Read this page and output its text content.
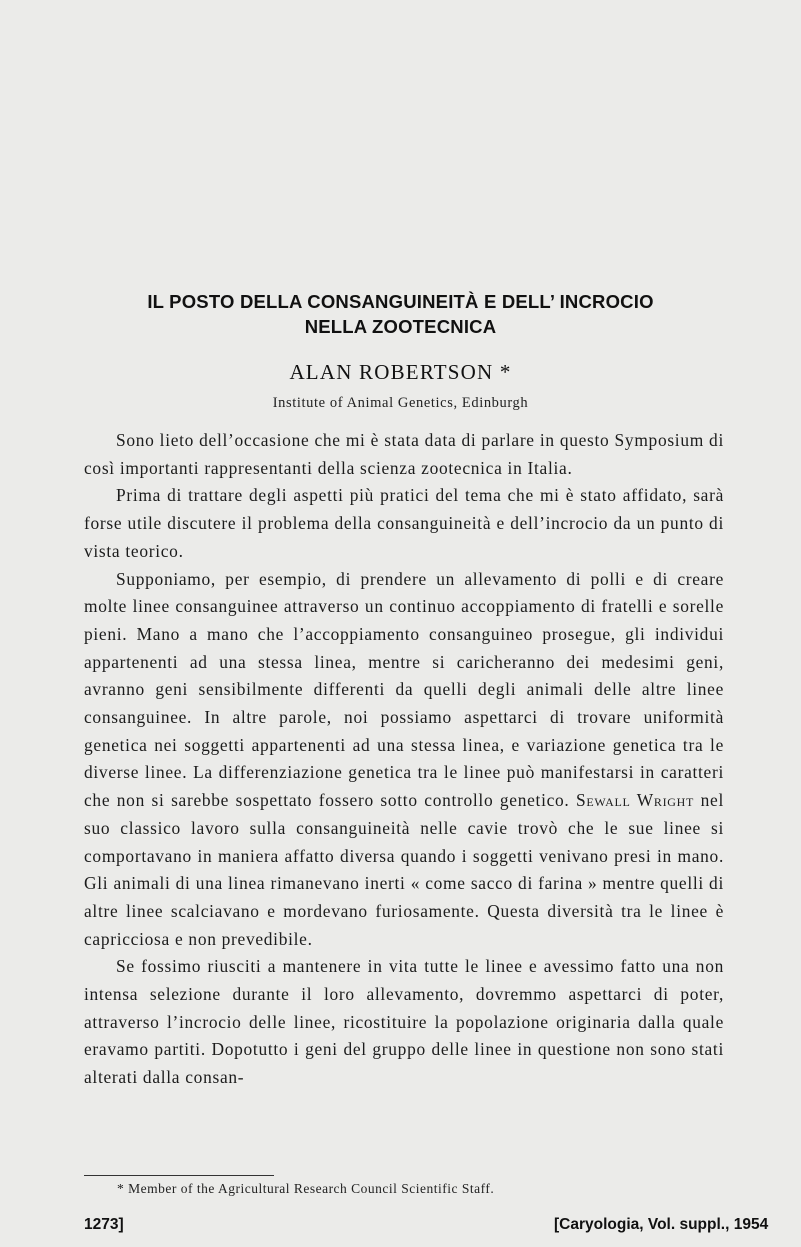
IL POSTO DELLA CONSANGUINEITÀ E DELL’ INCROCIO
NELLA ZOOTECNICA
ALAN ROBERTSON *
Institute of Animal Genetics, Edinburgh

Sono lieto dell’occasione che mi è stata data di parlare in questo Symposium di così importanti rappresentanti della scienza zootecnica in Italia.

Prima di trattare degli aspetti più pratici del tema che mi è stato affidato, sarà forse utile discutere il problema della consanguineità e dell’incrocio da un punto di vista teorico.

Supponiamo, per esempio, di prendere un allevamento di polli e di creare molte linee consanguinee attraverso un continuo accoppiamento di fratelli e sorelle pieni. Mano a mano che l’accoppiamento consanguineo prosegue, gli individui appartenenti ad una stessa linea, mentre si caricheranno dei medesimi geni, avranno geni sensibilmente differenti da quelli degli animali delle altre linee consanguinee. In altre parole, noi possiamo aspettarci di trovare uniformità genetica nei soggetti appartenenti ad una stessa linea, e variazione genetica tra le diverse linee. La differenziazione genetica tra le linee può manifestarsi in caratteri che non si sarebbe sospettato fossero sotto controllo genetico. Sewall Wright nel suo classico lavoro sulla consanguineità nelle cavie trovò che le sue linee si comportavano in maniera affatto diversa quando i soggetti venivano presi in mano. Gli animali di una linea rimanevano inerti « come sacco di farina » mentre quelli di altre linee scalciavano e mordevano furiosamente. Questa diversità tra le linee è capricciosa e non prevedibile.

Se fossimo riusciti a mantenere in vita tutte le linee e avessimo fatto una non intensa selezione durante il loro allevamento, dovremmo aspettarci di poter, attraverso l’incrocio delle linee, ricostituire la popolazione originaria dalla quale eravamo partiti. Dopotutto i geni del gruppo delle linee in questione non sono stati alterati dalla consan-

* Member of the Agricultural Research Council Scientific Staff.
1273]	[Caryologia, Vol. suppl., 1954
